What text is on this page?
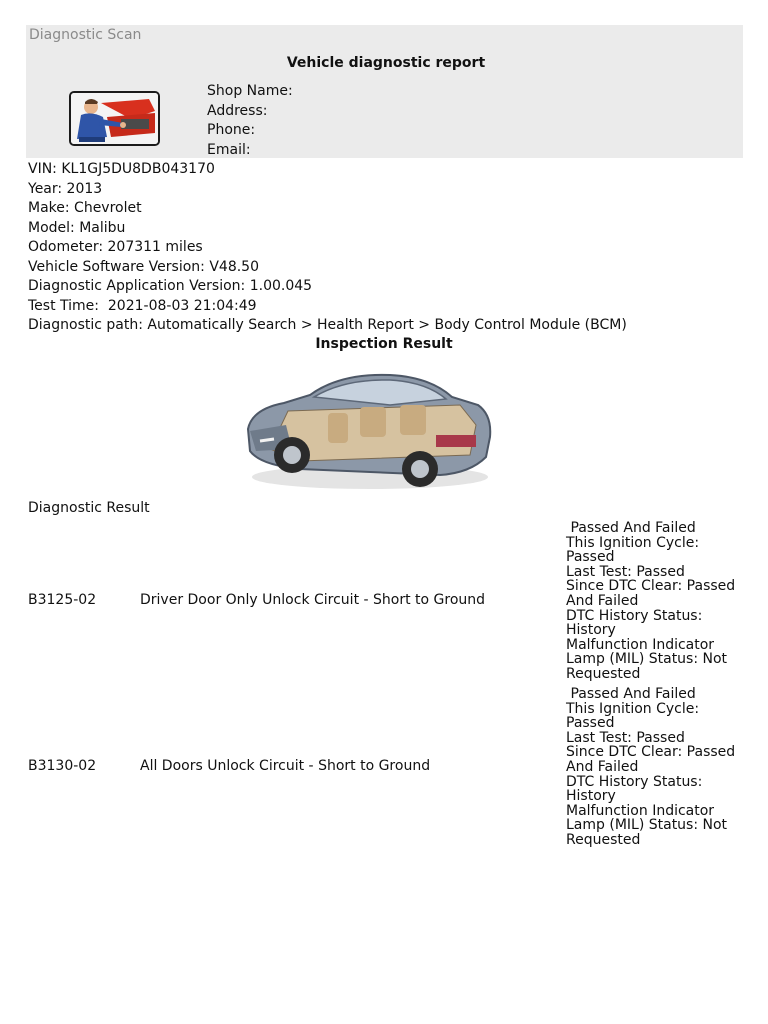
Diagnostic Scan
Vehicle diagnostic report
Shop Name:
Address:
Phone:
Email:
VIN: KL1GJ5DU8DB043170
Year: 2013
Make: Chevrolet
Model: Malibu
Odometer: 207311 miles
Vehicle Software Version: V48.50
Diagnostic Application Version: 1.00.045
Test Time:  2021-08-03 21:04:49
Diagnostic path: Automatically Search > Health Report > Body Control Module (BCM)
Inspection Result
Diagnostic Result
B3125-02	Driver Door Only Unlock Circuit - Short to Ground
Passed And Failed
This Ignition Cycle:
Passed
Last Test: Passed
Since DTC Clear: Passed
And Failed
DTC History Status:
History
Malfunction Indicator
Lamp (MIL) Status: Not
Requested
B3130-02	All Doors Unlock Circuit - Short to Ground
Passed And Failed
This Ignition Cycle:
Passed
Last Test: Passed
Since DTC Clear: Passed
And Failed
DTC History Status:
History
Malfunction Indicator
Lamp (MIL) Status: Not
Requested
